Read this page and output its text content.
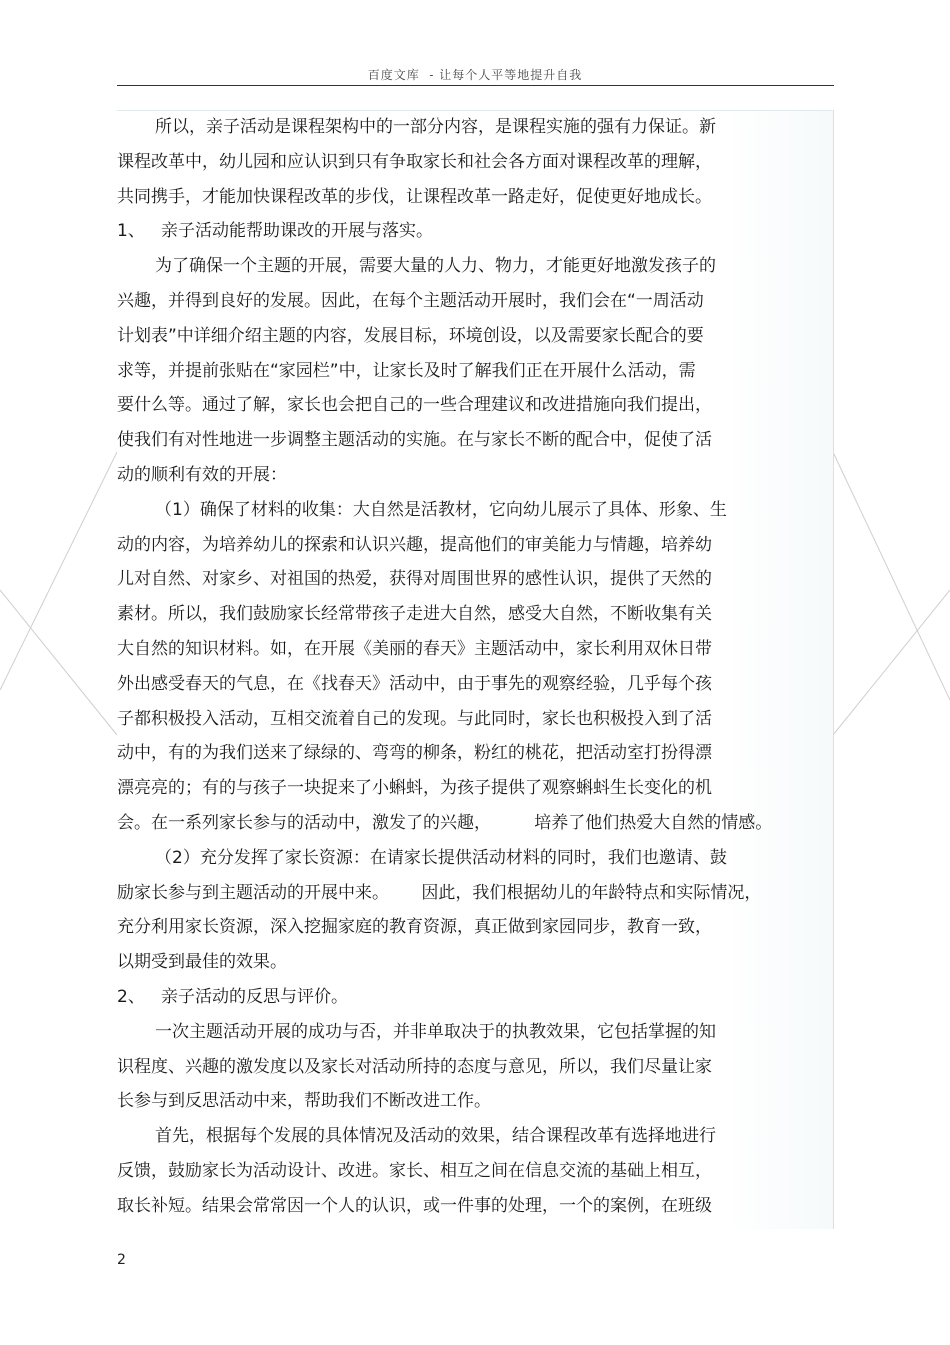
百度文库  - 让每个人平等地提升自我

所以，亲子活动是课程架构中的一部分内容，是课程实施的强有力保证。新

课程改革中，幼儿园和应认识到只有争取家长和社会各方面对课程改革的理解，

共同携手，才能加快课程改革的步伐，让课程改革一路走好，促使更好地成长。

1、   亲子活动能帮助课改的开展与落实。

为了确保一个主题的开展，需要大量的人力、物力，才能更好地激发孩子的

兴趣，并得到良好的发展。因此，在每个主题活动开展时，我们会在“一周活动

计划表”中详细介绍主题的内容，发展目标，环境创设，以及需要家长配合的要

求等，并提前张贴在“家园栏”中，让家长及时了解我们正在开展什么活动，需

要什么等。通过了解，家长也会把自己的一些合理建议和改进措施向我们提出，

使我们有对性地进一步调整主题活动的实施。在与家长不断的配合中，促使了活

动的顺利有效的开展：

（1）确保了材料的收集：大自然是活教材，它向幼儿展示了具体、形象、生

动的内容，为培养幼儿的探索和认识兴趣，提高他们的审美能力与情趣，培养幼

儿对自然、对家乡、对祖国的热爱，获得对周围世界的感性认识，提供了天然的

素材。所以，我们鼓励家长经常带孩子走进大自然，感受大自然，不断收集有关

大自然的知识材料。如，在开展《美丽的春天》主题活动中，家长利用双休日带

外出感受春天的气息，在《找春天》活动中，由于事先的观察经验，几乎每个孩

子都积极投入活动，互相交流着自己的发现。与此同时，家长也积极投入到了活

动中，有的为我们送来了绿绿的、弯弯的柳条，粉红的桃花，把活动室打扮得漂

漂亮亮的；有的与孩子一块捉来了小蝌蚪，为孩子提供了观察蝌蚪生长变化的机

会。在一系列家长参与的活动中，激发了的兴趣，        培养了他们热爱大自然的情感。

（2）充分发挥了家长资源：在请家长提供活动材料的同时，我们也邀请、鼓

励家长参与到主题活动的开展中来。      因此，我们根据幼儿的年龄特点和实际情况，

充分利用家长资源，深入挖掘家庭的教育资源，真正做到家园同步，教育一致，

以期受到最佳的效果。

2、   亲子活动的反思与评价。

一次主题活动开展的成功与否，并非单取决于的执教效果，它包括掌握的知

识程度、兴趣的激发度以及家长对活动所持的态度与意见，所以，我们尽量让家

长参与到反思活动中来，帮助我们不断改进工作。

首先，根据每个发展的具体情况及活动的效果，结合课程改革有选择地进行

反馈，鼓励家长为活动设计、改进。家长、相互之间在信息交流的基础上相互，

取长补短。结果会常常因一个人的认识，或一件事的处理，一个的案例，在班级

2
